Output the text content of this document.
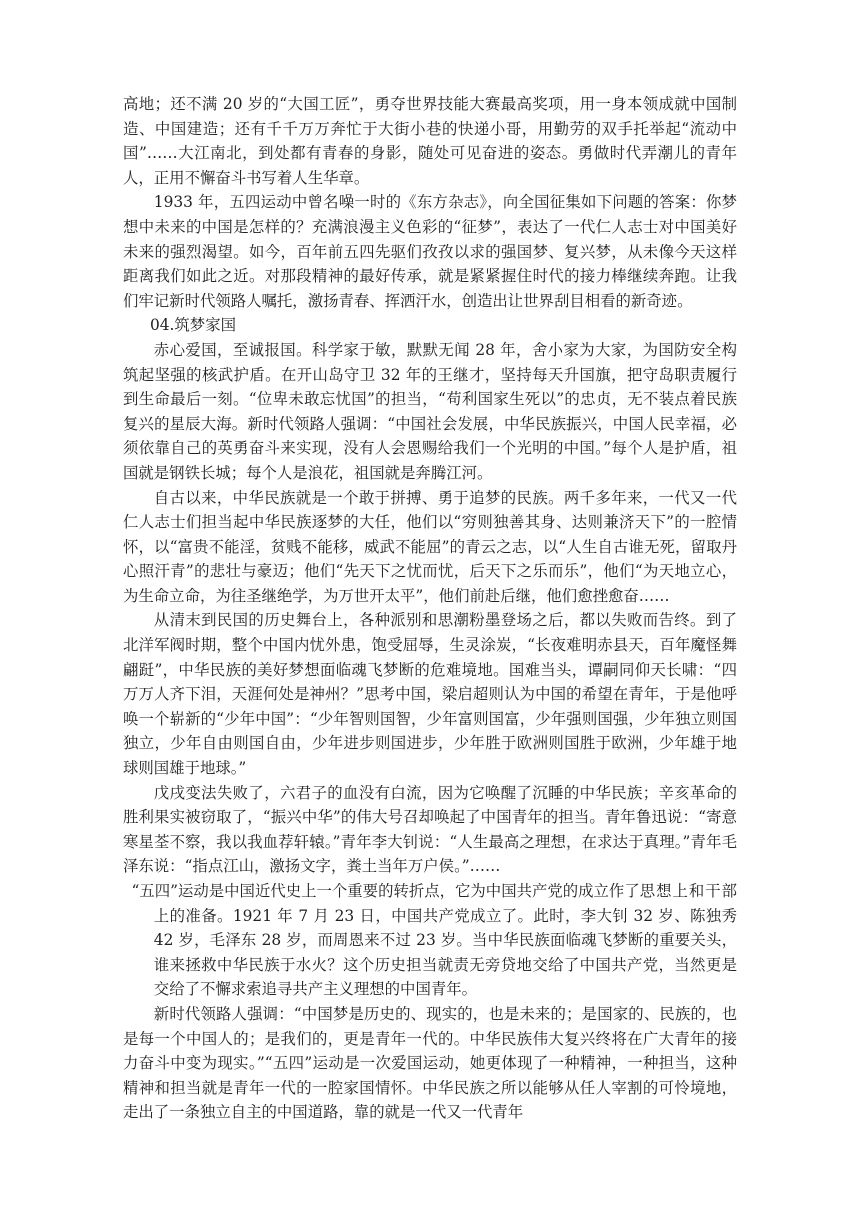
高地；还不满 20 岁的“大国工匠”，勇夺世界技能大赛最高奖项，用一身本领成就中国制造、中国建造；还有千千万万奔忙于大街小巷的快递小哥，用勤劳的双手托举起“流动中国”……大江南北，到处都有青春的身影，随处可见奋进的姿态。勇做时代弄潮儿的青年人，正用不懈奋斗书写着人生华章。

1933 年，五四运动中曾名噪一时的《东方杂志》，向全国征集如下问题的答案：你梦想中未来的中国是怎样的？充满浪漫主义色彩的“征梦”，表达了一代仁人志士对中国美好未来的强烈渴望。如今，百年前五四先驱们孜孜以求的强国梦、复兴梦，从未像今天这样距离我们如此之近。对那段精神的最好传承，就是紧紧握住时代的接力棒继续奔跑。让我们牢记新时代领路人嘱托，激扬青春、挥洒汗水，创造出让世界刮目相看的新奇迹。

04.筑梦家国

赤心爱国，至诚报国。科学家于敏，默默无闻 28 年，舍小家为大家，为国防安全构筑起坚强的核武护盾。在开山岛守卫 32 年的王继才，坚持每天升国旗，把守岛职责履行到生命最后一刻。“位卑未敢忘忧国”的担当，“苟利国家生死以”的忠贞，无不装点着民族复兴的星辰大海。新时代领路人强调：“中国社会发展，中华民族振兴，中国人民幸福，必须依靠自己的英勇奋斗来实现，没有人会恩赐给我们一个光明的中国。”每个人是护盾，祖国就是钢铁长城；每个人是浪花，祖国就是奔腾江河。

自古以来，中华民族就是一个敢于拼搏、勇于追梦的民族。两千多年来，一代又一代仁人志士们担当起中华民族逐梦的大任，他们以“穷则独善其身、达则兼济天下”的一腔情怀，以“富贵不能淫，贫贱不能移，威武不能屈”的青云之志，以“人生自古谁无死，留取丹心照汗青”的悲壮与豪迈；他们“先天下之忧而忧，后天下之乐而乐”，他们“为天地立心，为生命立命，为往圣继绝学，为万世开太平”，他们前赴后继，他们愈挫愈奋……

从清末到民国的历史舞台上，各种派别和思潮粉墨登场之后，都以失败而告终。到了北洋军阀时期，整个中国内忧外患，饱受屈辱，生灵涂炭，“长夜难明赤县天，百年魔怪舞翩跹”，中华民族的美好梦想面临魂飞梦断的危难境地。国难当头，谭嗣同仰天长啸：“四万万人齐下泪，天涯何处是神州？”思考中国，梁启超则认为中国的希望在青年，于是他呼唤一个崭新的“少年中国”：“少年智则国智，少年富则国富，少年强则国强，少年独立则国独立，少年自由则国自由，少年进步则国进步，少年胜于欧洲则国胜于欧洲，少年雄于地球则国雄于地球。”

戊戌变法失败了，六君子的血没有白流，因为它唤醒了沉睡的中华民族；辛亥革命的胜利果实被窃取了，“振兴中华”的伟大号召却唤起了中国青年的担当。青年鲁迅说：“寄意寒星荃不察，我以我血荐轩辕。”青年李大钊说：“人生最高之理想，在求达于真理。”青年毛泽东说：“指点江山，激扬文字，粪土当年万户侯。”……

“五四”运动是中国近代史上一个重要的转折点，它为中国共产党的成立作了思想上和干部上的准备。1921 年 7 月 23 日，中国共产党成立了。此时，李大钊 32 岁、陈独秀 42 岁，毛泽东 28 岁，而周恩来不过 23 岁。当中华民族面临魂飞梦断的重要关头，谁来拯救中华民族于水火？这个历史担当就责无旁贷地交给了中国共产党，当然更是交给了不懈求索追寻共产主义理想的中国青年。

新时代领路人强调：“中国梦是历史的、现实的，也是未来的；是国家的、民族的，也是每一个中国人的；是我们的，更是青年一代的。中华民族伟大复兴终将在广大青年的接力奋斗中变为现实。”“五四”运动是一次爱国运动，她更体现了一种精神，一种担当，这种精神和担当就是青年一代的一腔家国情怀。中华民族之所以能够从任人宰割的可怜境地，走出了一条独立自主的中国道路，靠的就是一代又一代青年
